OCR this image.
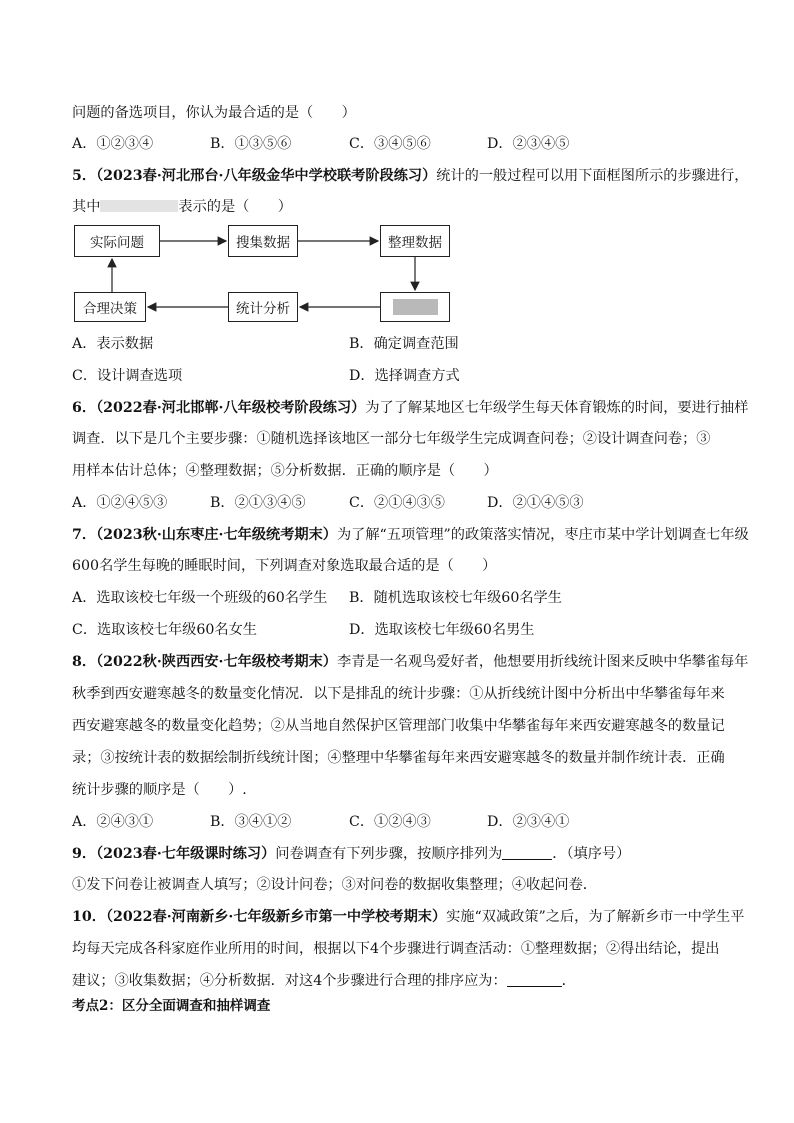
问题的备选项目，你认为最合适的是（　　）
A．①②③④	B．①③⑤⑥	C．③④⑤⑥	D．②③④⑤
5．（2023春·河北邢台·八年级金华中学校联考阶段练习）统计的一般过程可以用下面框图所示的步骤进行，
其中	表示的是（　　）
实际问题	搜集数据	整理数据
统计分析
合理决策
A．表示数据	B．确定调查范围
C．设计调查选项	D．选择调查方式
6．（2022春·河北邯郸·八年级校考阶段练习）为了了解某地区七年级学生每天体育锻炼的时间，要进行抽样
调查．以下是几个主要步骤：①随机选择该地区一部分七年级学生完成调查问卷；②设计调查问卷；③
用样本估计总体；④整理数据；⑤分析数据．正确的顺序是（　　）
A．①②④⑤③	B．②①③④⑤	C．②①④③⑤	D．②①④⑤③
7．（2023秋·山东枣庄·七年级统考期末）为了解“五项管理”的政策落实情况，枣庄市某中学计划调查七年级
600名学生每晚的睡眠时间，下列调查对象选取最合适的是（　　）
A．选取该校七年级一个班级的60名学生 B．随机选取该校七年级60名学生
C．选取该校七年级60名女生	D．选取该校七年级60名男生
8．（2022秋·陕西西安·七年级校考期末）李青是一名观鸟爱好者，他想要用折线统计图来反映中华攀雀每年
秋季到西安避寒越冬的数量变化情况．以下是排乱的统计步骤：①从折线统计图中分析出中华攀雀每年来
西安避寒越冬的数量变化趋势；②从当地自然保护区管理部门收集中华攀雀每年来西安避寒越冬的数量记
录；③按统计表的数据绘制折线统计图；④整理中华攀雀每年来西安避寒越冬的数量并制作统计表．正确
统计步骤的顺序是（　　）.
A．②④③①	B．③④①②	C．①②④③	D．②③④①
9．（2023春·七年级课时练习）问卷调查有下列步骤，按顺序排列为	．（填序号）
①发下问卷让被调查人填写；②设计问卷；③对问卷的数据收集整理；④收起问卷．
10．（2022春·河南新乡·七年级新乡市第一中学校考期末）实施“双减政策”之后，为了解新乡市一中学生平
均每天完成各科家庭作业所用的时间，根据以下4个步骤进行调查活动：①整理数据；②得出结论，提出
建议；③收集数据；④分析数据．对这4个步骤进行合理的排序应为：	．
考点2：区分全面调查和抽样调查
